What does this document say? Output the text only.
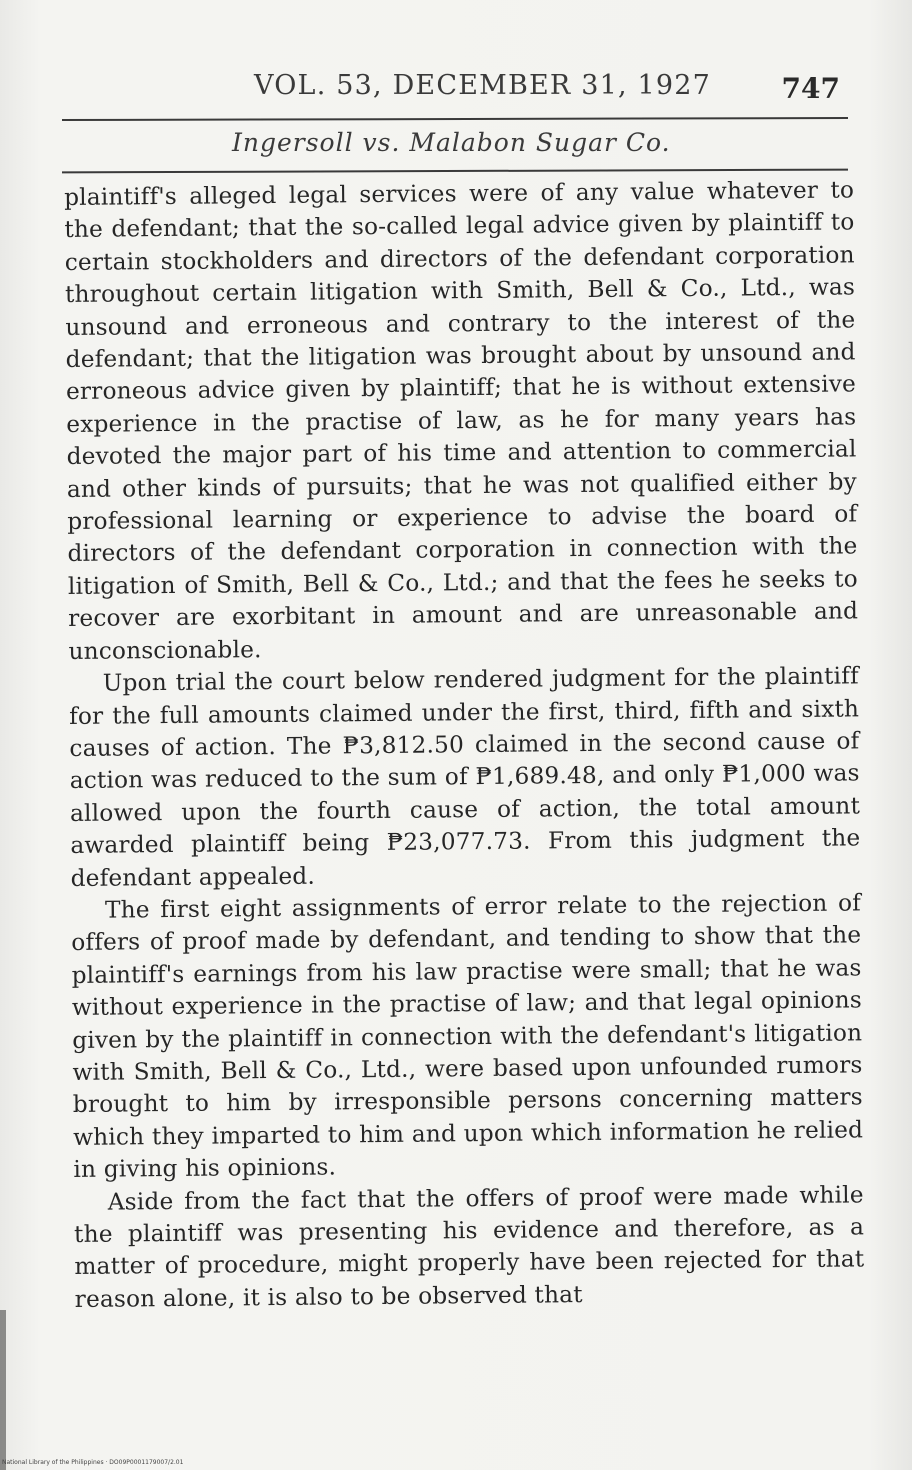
VOL. 53, DECEMBER 31, 1927	747
Ingersoll vs. Malabon Sugar Co.

plaintiff's alleged legal services were of any value whatever to the defendant; that the so-called legal advice given by plaintiff to certain stockholders and directors of the defendant corporation throughout certain litigation with Smith, Bell & Co., Ltd., was unsound and erroneous and contrary to the interest of the defendant; that the litigation was brought about by unsound and erroneous advice given by plaintiff; that he is without extensive experience in the practise of law, as he for many years has devoted the major part of his time and attention to commercial and other kinds of pursuits; that he was not qualified either by professional learning or experience to advise the board of directors of the defendant corporation in connection with the litigation of Smith, Bell & Co., Ltd.; and that the fees he seeks to recover are exorbitant in amount and are unreasonable and unconscionable.

Upon trial the court below rendered judgment for the plaintiff for the full amounts claimed under the first, third, fifth and sixth causes of action. The ₱3,812.50 claimed in the second cause of action was reduced to the sum of ₱1,689.48, and only ₱1,000 was allowed upon the fourth cause of action, the total amount awarded plaintiff being ₱23,077.73. From this judgment the defendant appealed.

The first eight assignments of error relate to the rejection of offers of proof made by defendant, and tending to show that the plaintiff's earnings from his law practise were small; that he was without experience in the practise of law; and that legal opinions given by the plaintiff in connection with the defendant's litigation with Smith, Bell & Co., Ltd., were based upon unfounded rumors brought to him by irresponsible persons concerning matters which they imparted to him and upon which information he relied in giving his opinions.

Aside from the fact that the offers of proof were made while the plaintiff was presenting his evidence and therefore, as a matter of procedure, might properly have been rejected for that reason alone, it is also to be observed that

National Library of the Philippines · DO09P0001179007/2.01
